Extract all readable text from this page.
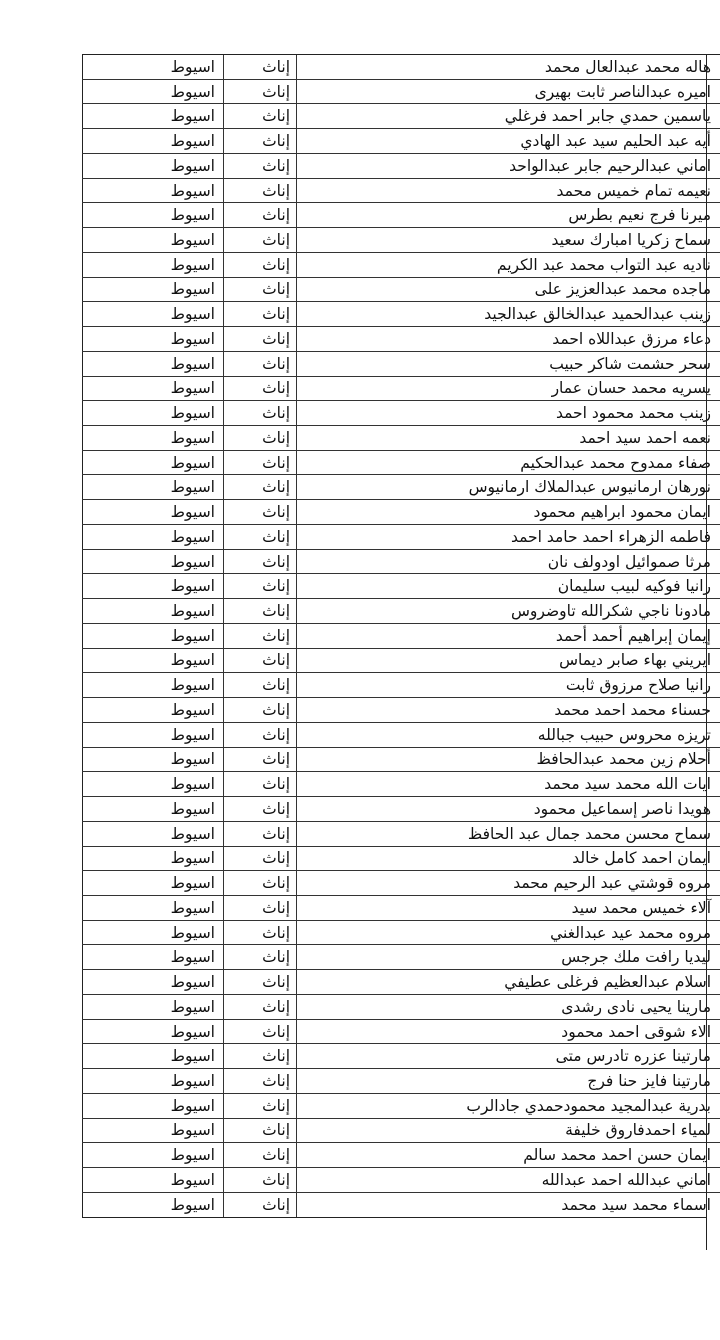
اسيوط	إناث	هاله محمد عبدالعال محمد
اسيوط	إناث	اميره عبدالناصر ثابت بهيرى
اسيوط	إناث	ياسمين حمدي جابر احمد فرغلي
اسيوط	إناث	أيه عبد الحليم سيد عبد الهادي
اسيوط	إناث	اماني عبدالرحيم جابر عبدالواحد
اسيوط	إناث	نعيمه تمام خميس محمد
اسيوط	إناث	ميرنا فرج نعيم بطرس
اسيوط	إناث	سماح زكريا امبارك سعيد
اسيوط	إناث	ناديه عبد التواب محمد عبد الكريم
اسيوط	إناث	ماجده محمد عبدالعزيز على
اسيوط	إناث	زينب عبدالحميد عبدالخالق عبدالجيد
اسيوط	إناث	دعاء مرزق عبداللاه احمد
اسيوط	إناث	سحر حشمت شاكر حبيب
اسيوط	إناث	يسريه محمد حسان عمار
اسيوط	إناث	زينب محمد محمود احمد
اسيوط	إناث	نعمه احمد سيد احمد
اسيوط	إناث	صفاء ممدوح محمد عبدالحكيم
اسيوط	إناث	نورهان ارمانيوس عبدالملاك ارمانيوس
اسيوط	إناث	ايمان محمود ابراهيم محمود
اسيوط	إناث	فاطمه الزهراء احمد حامد احمد
اسيوط	إناث	مرثا صموائيل اودولف نان
اسيوط	إناث	رانيا فوكيه لبيب سليمان
اسيوط	إناث	مادونا ناجي شكرالله تاوضروس
اسيوط	إناث	إيمان إبراهيم أحمد أحمد
اسيوط	إناث	ايريني بهاء صابر ديماس
اسيوط	إناث	رانيا صلاح مرزوق ثابت
اسيوط	إناث	حسناء محمد احمد محمد
اسيوط	إناث	تريزه محروس حبيب جبالله
اسيوط	إناث	أحلام زين محمد عبدالحافظ
اسيوط	إناث	ايات الله محمد سيد محمد
اسيوط	إناث	هويدا ناصر إسماعيل محمود
اسيوط	إناث	سماح محسن محمد جمال عبد الحافظ
اسيوط	إناث	ايمان احمد كامل خالد
اسيوط	إناث	مروه قوشتي عبد الرحيم محمد
اسيوط	إناث	آلاء خميس محمد سيد
اسيوط	إناث	مروه محمد عيد عبدالغني
اسيوط	إناث	ليديا رافت ملك جرجس
اسيوط	إناث	اسلام عبدالعظيم فرغلى عطيفي
اسيوط	إناث	مارينا يحيى نادى رشدى
اسيوط	إناث	الاء شوقى احمد محمود
اسيوط	إناث	مارتينا عزره تادرس متى
اسيوط	إناث	مارتينا فايز حنا فرج
اسيوط	إناث	بدرية عبدالمجيد محمودحمدي جادالرب
اسيوط	إناث	لمياء احمدفاروق خليفة
اسيوط	إناث	ايمان حسن احمد محمد سالم
اسيوط	إناث	اماني عبدالله احمد عبدالله
اسيوط	إناث	اسماء محمد سيد محمد
